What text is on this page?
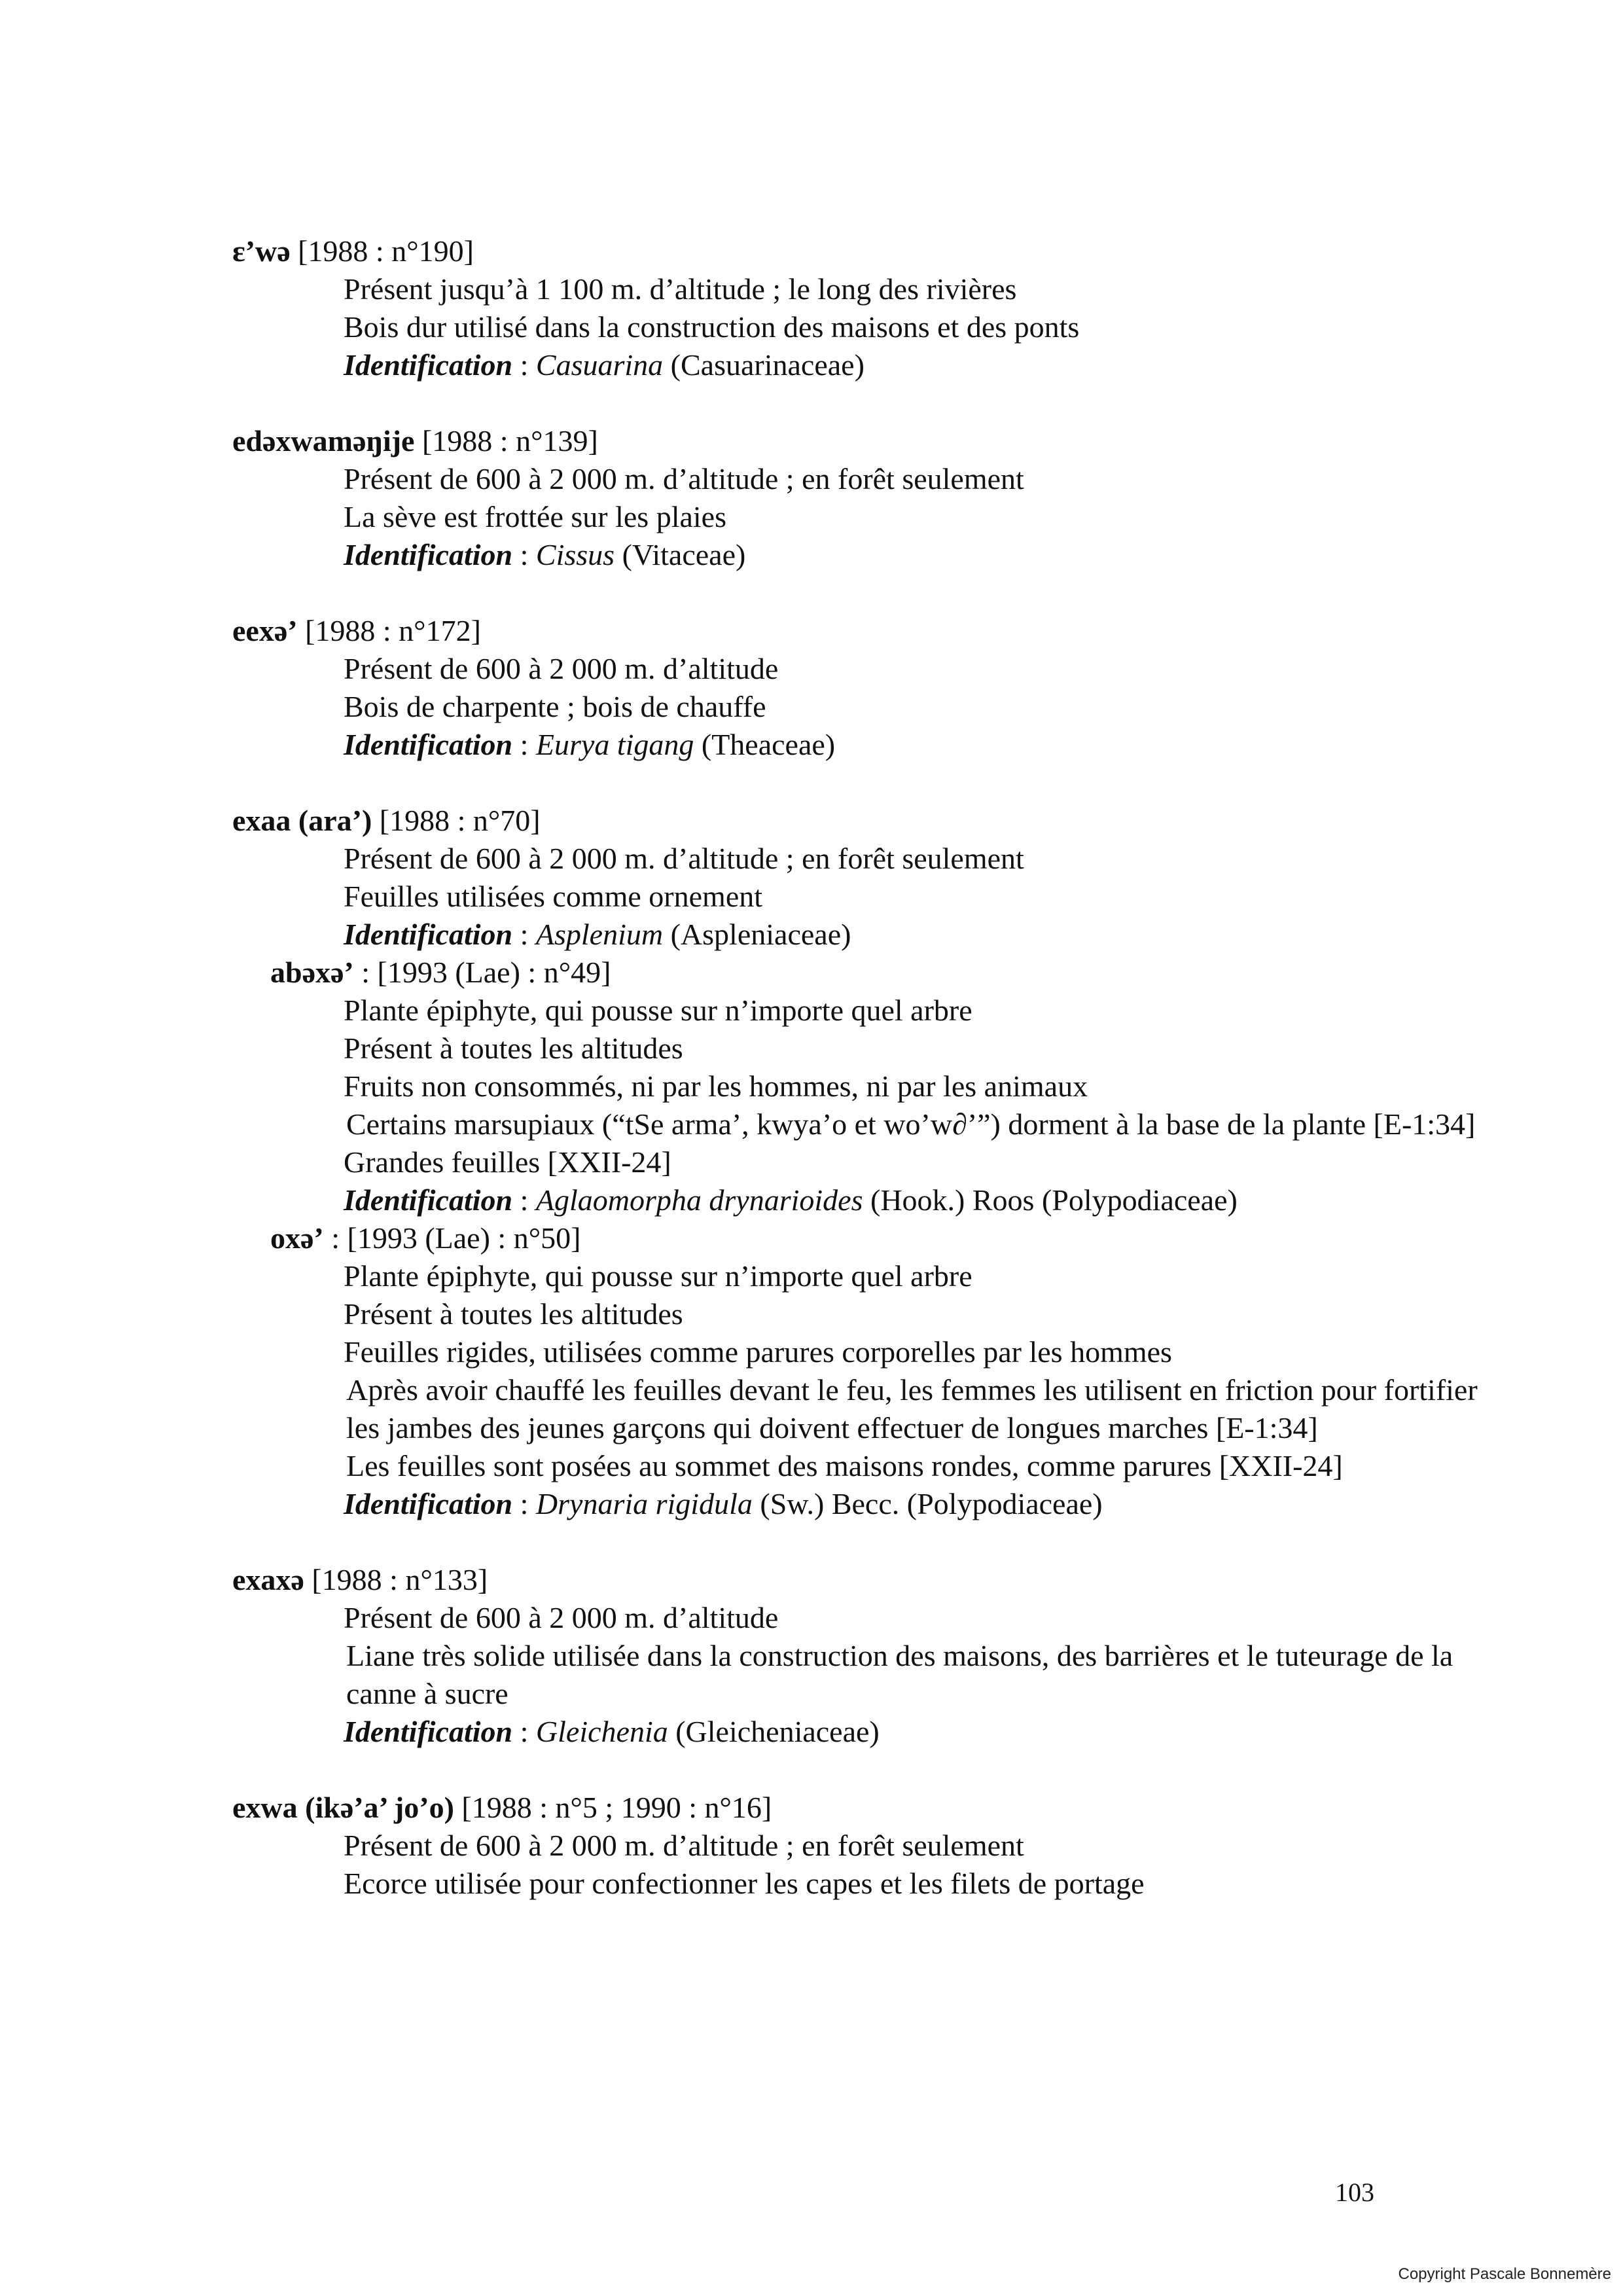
ɛ’wə [1988 : n°190]
Présent jusqu’à 1 100 m. d’altitude ; le long des rivières
Bois dur utilisé dans la construction des maisons et des ponts
Identification : Casuarina (Casuarinaceae)
edəxwaməŋije [1988 : n°139]
Présent de 600 à 2 000 m. d’altitude ; en forêt seulement
La sève est frottée sur les plaies
Identification : Cissus (Vitaceae)
eexə’ [1988 : n°172]
Présent de 600 à 2 000 m. d’altitude
Bois de charpente ; bois de chauffe
Identification : Eurya tigang (Theaceae)
exaa (ara’) [1988 : n°70]
Présent de 600 à 2 000 m. d’altitude ; en forêt seulement
Feuilles utilisées comme ornement
Identification : Asplenium (Aspleniaceae)
abəxə’ : [1993 (Lae) : n°49]
Plante épiphyte, qui pousse sur n’importe quel arbre
Présent à toutes les altitudes
Fruits non consommés, ni par les hommes, ni par les animaux
Certains marsupiaux (“tSe arma’, kwya’o et wo’w∂’”) dorment à la base de la plante [E-1:34]
Grandes feuilles [XXII-24]
Identification : Aglaomorpha drynarioides (Hook.) Roos (Polypodiaceae)
oxə’ : [1993 (Lae) : n°50]
Plante épiphyte, qui pousse sur n’importe quel arbre
Présent à toutes les altitudes
Feuilles rigides, utilisées comme parures corporelles par les hommes
Après avoir chauffé les feuilles devant le feu, les femmes les utilisent en friction pour fortifier les jambes des jeunes garçons qui doivent effectuer de longues marches [E-1:34]
Les feuilles sont posées au sommet des maisons rondes, comme parures [XXII-24]
Identification : Drynaria rigidula (Sw.) Becc. (Polypodiaceae)
exaxə [1988 : n°133]
Présent de 600 à 2 000 m. d’altitude
Liane très solide utilisée dans la construction des maisons, des barrières et le tuteurage de la canne à sucre
Identification : Gleichenia (Gleicheniaceae)
exwa (ikə’a’ jo’o) [1988 : n°5 ; 1990 : n°16]
Présent de 600 à 2 000 m. d’altitude ; en forêt seulement
Ecorce utilisée pour confectionner les capes et les filets de portage
103
Copyright Pascale Bonnemère
